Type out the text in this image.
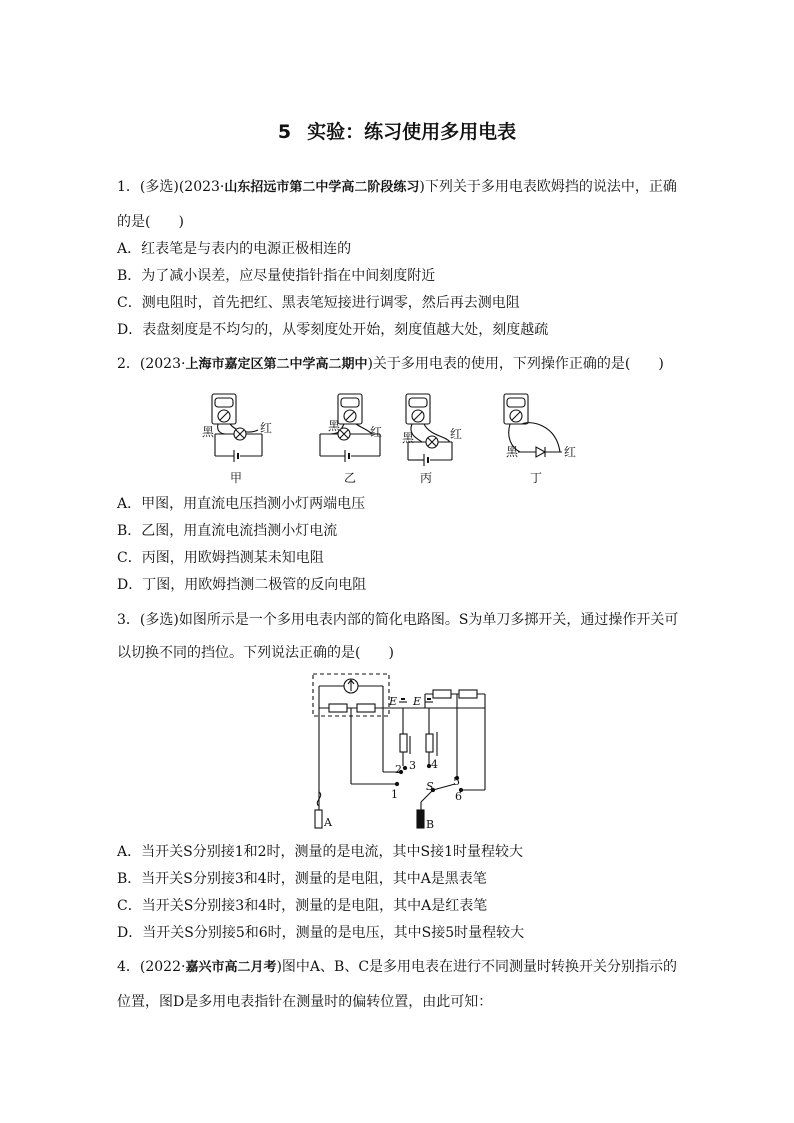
5 实验：练习使用多用电表
1．(多选)(2023·山东招远市第二中学高二阶段练习)下列关于多用电表欧姆挡的说法中，正确
的是(　　)
A．红表笔是与表内的电源正极相连的
B．为了减小误差，应尽量使指针指在中间刻度附近
C．测电阻时，首先把红、黑表笔短接进行调零，然后再去测电阻
D．表盘刻度是不均匀的，从零刻度处开始，刻度值越大处，刻度越疏
2．(2023·上海市嘉定区第二中学高二期中)关于多用电表的使用，下列操作正确的是(　　)
黑	红
甲
黑 红
乙
黑	红
丙
黑	红
丁
A．甲图，用直流电压挡测小灯两端电压
B．乙图，用直流电流挡测小灯电流
C．丙图，用欧姆挡测某未知电阻
D．丁图，用欧姆挡测二极管的反向电阻
3．(多选)如图所示是一个多用电表内部的简化电路图。S为单刀多掷开关，通过操作开关可
以切换不同的挡位。下列说法正确的是(　　)
E E
1
2 3 4
5
6
S
A	B
A．当开关S分别接1和2时，测量的是电流，其中S接1时量程较大
B．当开关S分别接3和4时，测量的是电阻，其中A是黑表笔
C．当开关S分别接3和4时，测量的是电阻，其中A是红表笔
D．当开关S分别接5和6时，测量的是电压，其中S接5时量程较大
4．(2022·嘉兴市高二月考)图中A、B、C是多用电表在进行不同测量时转换开关分别指示的
位置，图D是多用电表指针在测量时的偏转位置，由此可知：
